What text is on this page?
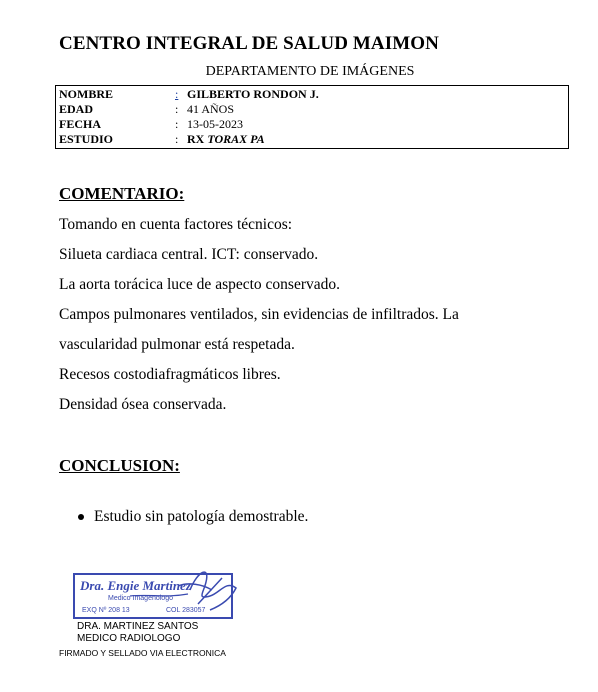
CENTRO INTEGRAL DE SALUD MAIMON
DEPARTAMENTO DE IMÁGENES
NOMBRE	: GILBERTO RONDON J.
EDAD	: 41 AÑOS
FECHA	: 13-05-2023
ESTUDIO	: RX TORAX PA
COMENTARIO:
Tomando en cuenta factores técnicos:
Silueta cardiaca central. ICT: conservado.
La aorta torácica luce de aspecto conservado.
Campos pulmonares ventilados, sin evidencias de infiltrados. La
vascularidad pulmonar está respetada.
Recesos costodiafragmáticos libres.
Densidad ósea conservada.
CONCLUSION:
Estudio sin patología demostrable.
Dra. Engie Martinez
Medico Imagenologo
EXQ Nº 208 13	COL 283057
DRA. MARTINEZ SANTOS
MEDICO RADIOLOGO
FIRMADO Y SELLADO VIA ELECTRONICA
